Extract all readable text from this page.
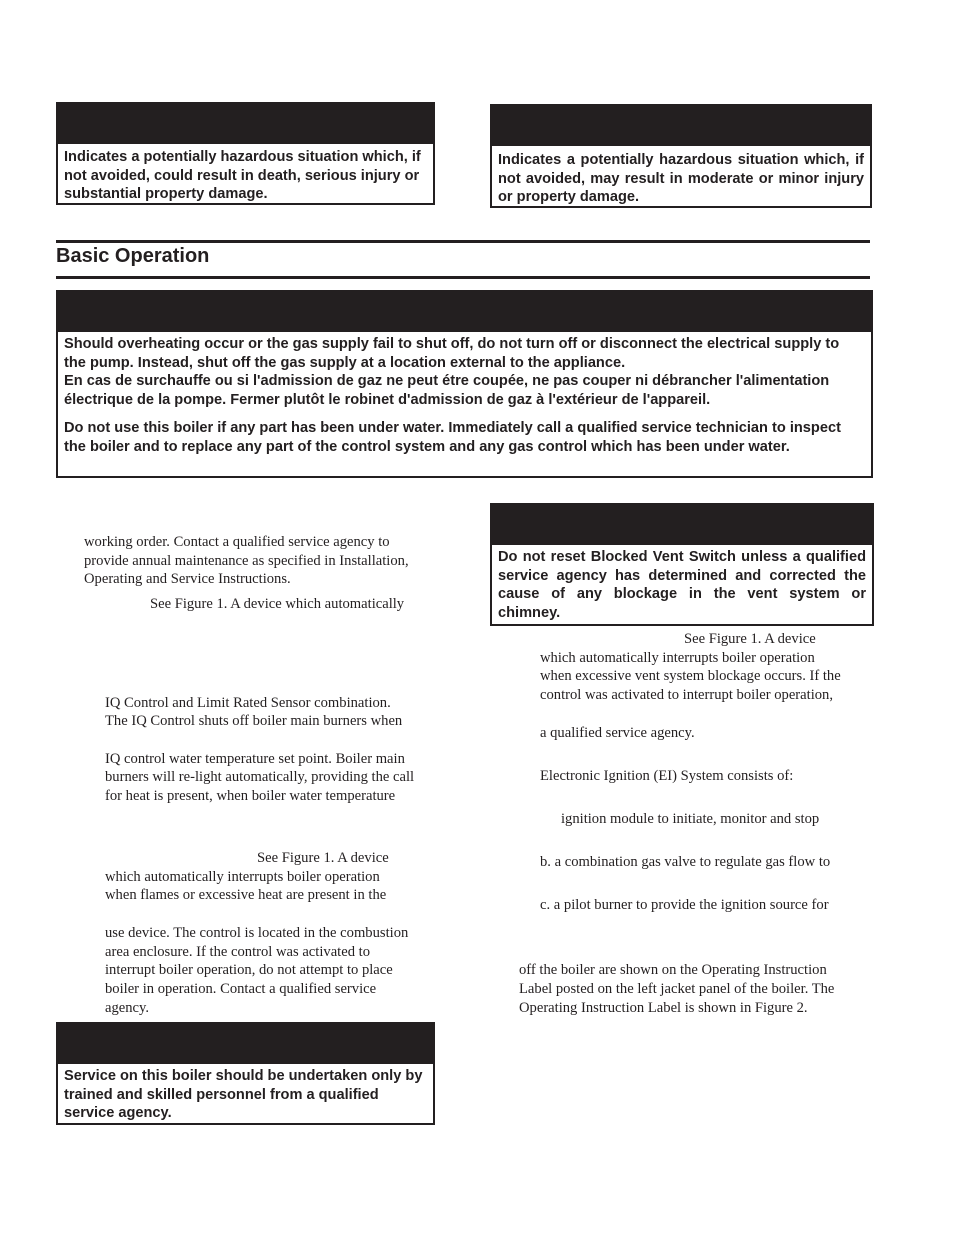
Indicates a potentially hazardous situation which, if not avoided, could result in death, serious injury or substantial property damage.
Indicates a potentially hazardous situation which, if not avoided, may result in moderate or minor injury or property damage.
Basic Operation
Should overheating occur or the gas supply fail to shut off, do not turn off or disconnect the electrical supply to the pump. Instead, shut off the gas supply at a location external to the appliance.
En cas de surchauffe ou si l'admission de gaz ne peut étre coupée, ne pas couper ni débrancher l'alimentation électrique de la pompe. Fermer plutôt le robinet d'admission de gaz à l'extérieur de l'appareil.
Do not use this boiler if any part has been under water. Immediately call a qualified service technician to inspect the boiler and to replace any part of the control system and any gas control which has been under water.
Do not reset Blocked Vent Switch unless a qualified service agency has determined and corrected the cause of any blockage in the vent system or chimney.
Service on this boiler should be undertaken only by trained and skilled personnel from a qualified service agency.
working order. Contact a qualified service agency to
provide annual maintenance as specified in Installation,
Operating and Service Instructions.
See Figure 1. A device which automatically
IQ Control and Limit Rated Sensor combination.
The IQ Control shuts off boiler main burners when
IQ control water temperature set point. Boiler main
burners will re-light automatically, providing the call
for heat is present, when boiler water temperature
See Figure 1. A device
which automatically interrupts boiler operation
when flames or excessive heat are present in the
use device. The control is located in the combustion
area enclosure. If the control was activated to
interrupt boiler operation, do not attempt to place
boiler in operation. Contact a qualified service
agency.
See Figure 1. A device
which automatically interrupts boiler operation
when excessive vent system blockage occurs. If the
control was activated to interrupt boiler operation,
a qualified service agency.
Electronic Ignition (EI) System consists of:
ignition module to initiate, monitor and stop
b. a combination gas valve to regulate gas flow to
c. a pilot burner to provide the ignition source for
off the boiler are shown on the Operating Instruction
Label posted on the left jacket panel of the boiler. The
Operating Instruction Label is shown in Figure 2.
